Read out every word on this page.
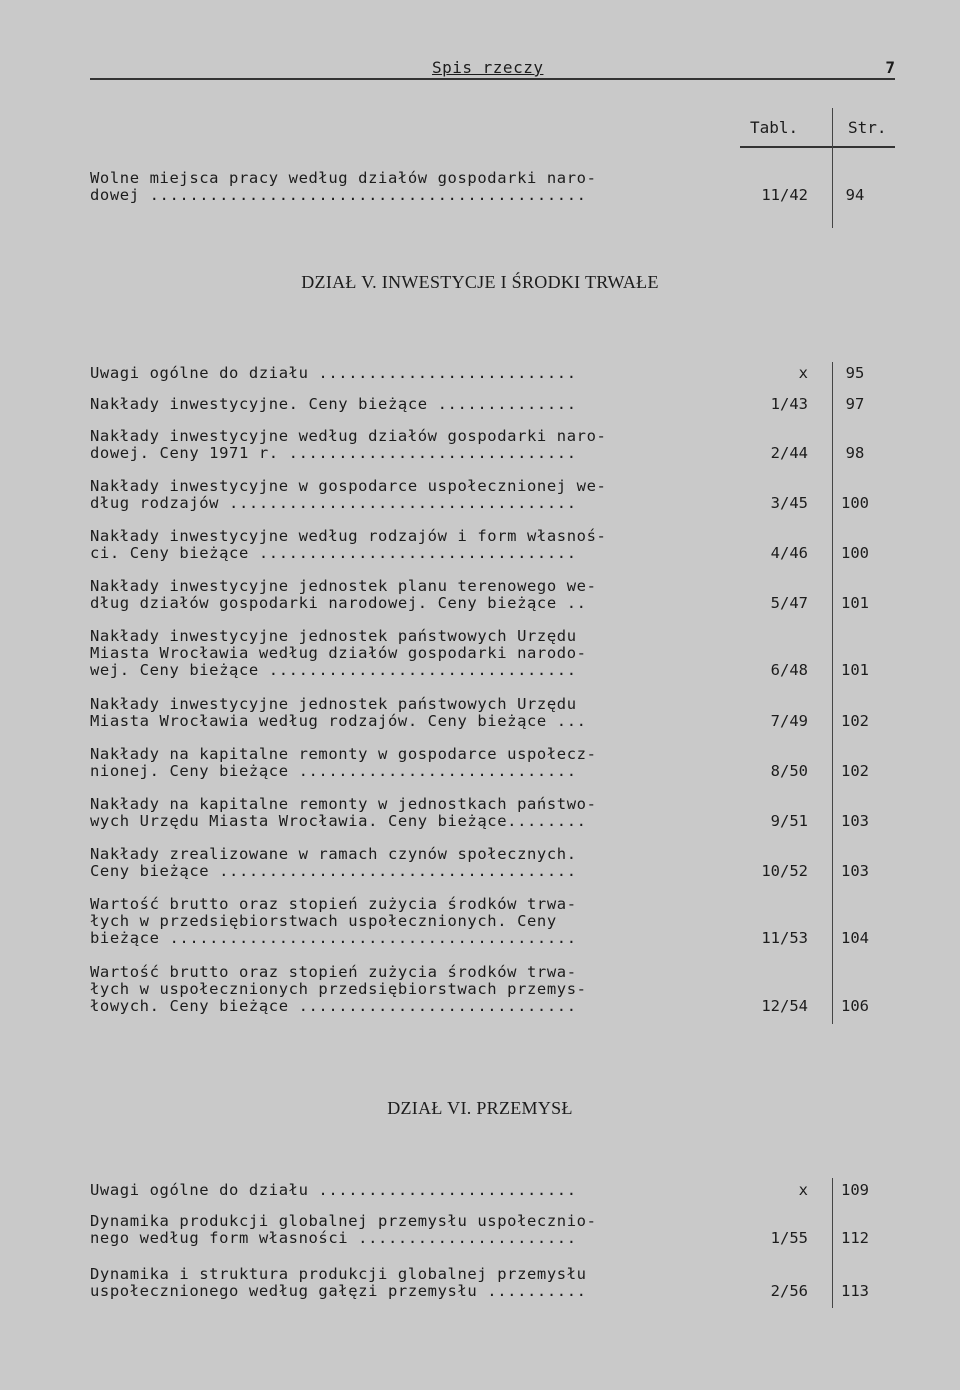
Spis rzeczy	7
Tabl.	Str.
Wolne miejsca pracy według działów gospodarki naro-
dowej ............................................	11/42	94
DZIAŁ V. INWESTYCJE I ŚRODKI TRWAŁE
Uwagi ogólne do działu ..........................	x	95
Nakłady inwestycyjne. Ceny bieżące ..............	1/43	97
Nakłady inwestycyjne według działów gospodarki naro-
dowej. Ceny 1971 r. .............................	2/44	98
Nakłady inwestycyjne w gospodarce uspołecznionej we-
dług rodzajów ...................................	3/45	100
Nakłady inwestycyjne według rodzajów i form własnoś-
ci. Ceny bieżące ................................	4/46	100
Nakłady inwestycyjne jednostek planu terenowego we-
dług działów gospodarki narodowej. Ceny bieżące ..	5/47	101
Nakłady inwestycyjne jednostek państwowych Urzędu
Miasta Wrocławia według działów gospodarki narodo-
wej. Ceny bieżące ...............................	6/48	101
Nakłady inwestycyjne jednostek państwowych Urzędu
Miasta Wrocławia według rodzajów. Ceny bieżące ...	7/49	102
Nakłady na kapitalne remonty w gospodarce uspołecz-
nionej. Ceny bieżące ............................	8/50	102
Nakłady na kapitalne remonty w jednostkach państwo-
wych Urzędu Miasta Wrocławia. Ceny bieżące........	9/51	103
Nakłady zrealizowane w ramach czynów społecznych.
Ceny bieżące ....................................	10/52	103
Wartość brutto oraz stopień zużycia środków trwa-
łych w przedsiębiorstwach uspołecznionych. Ceny
bieżące .........................................	11/53	104
Wartość brutto oraz stopień zużycia środków trwa-
łych w uspołecznionych przedsiębiorstwach przemys-
łowych. Ceny bieżące ............................	12/54	106
DZIAŁ VI. PRZEMYSŁ
Uwagi ogólne do działu ..........................	x	109
Dynamika produkcji globalnej przemysłu uspołecznio-
nego według form własności ......................	1/55	112
Dynamika i struktura produkcji globalnej przemysłu
uspołecznionego według gałęzi przemysłu ..........	2/56	113
